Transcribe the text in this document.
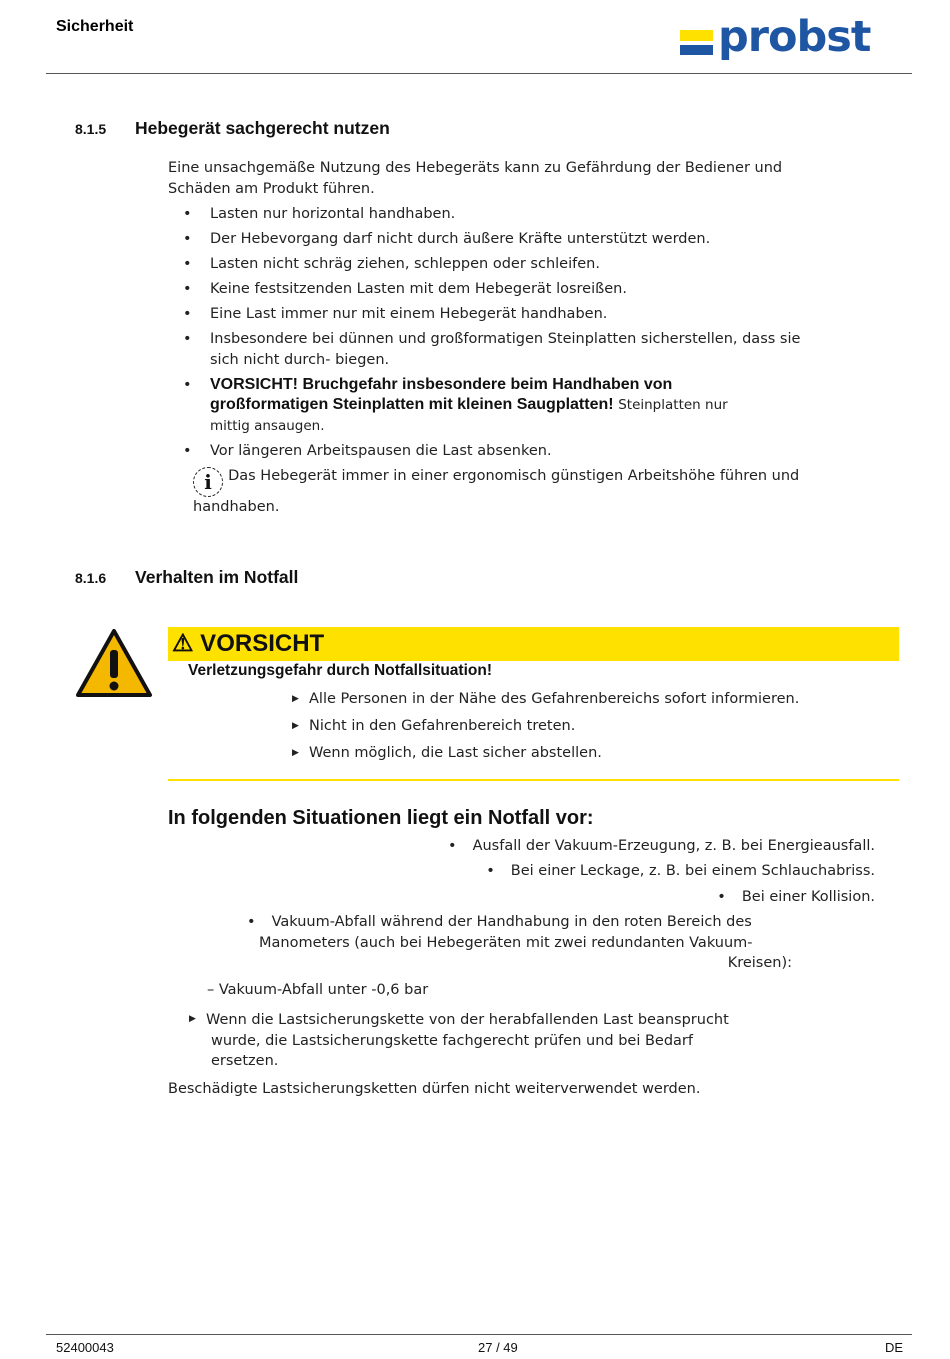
Sicherheit	probst
8.1.5 Hebegerät sachgerecht nutzen
Eine unsachgemäße Nutzung des Hebegeräts kann zu Gefährdung der Bediener und Schäden am Produkt führen.
• Lasten nur horizontal handhaben.
• Der Hebevorgang darf nicht durch äußere Kräfte unterstützt werden.
• Lasten nicht schräg ziehen, schleppen oder schleifen.
• Keine festsitzenden Lasten mit dem Hebegerät losreißen.
• Eine Last immer nur mit einem Hebegerät handhaben.
• Insbesondere bei dünnen und großformatigen Steinplatten sicherstellen, dass sie sich nicht durch- biegen.
• VORSICHT! Bruchgefahr insbesondere beim Handhaben von großformatigen Steinplatten mit kleinen Saugplatten! Steinplatten nur mittig ansaugen.
• Vor längeren Arbeitspausen die Last absenken.
i Das Hebegerät immer in einer ergonomisch günstigen Arbeitshöhe führen und handhaben.
8.1.6 Verhalten im Notfall
⚠ VORSICHT
Verletzungsgefahr durch Notfallsituation!
▶ Alle Personen in der Nähe des Gefahrenbereichs sofort informieren.
▶ Nicht in den Gefahrenbereich treten.
▶ Wenn möglich, die Last sicher abstellen.
In folgenden Situationen liegt ein Notfall vor:
• Ausfall der Vakuum-Erzeugung, z. B. bei Energieausfall.
• Bei einer Leckage, z. B. bei einem Schlauchabriss.
• Bei einer Kollision.
• Vakuum-Abfall während der Handhabung in den roten Bereich des
Manometers (auch bei Hebegeräten mit zwei redundanten Vakuum-
Kreisen):
– Vakuum-Abfall unter -0,6 bar
▶ Wenn die Lastsicherungskette von der herabfallenden Last beansprucht
wurde, die Lastsicherungskette fachgerecht prüfen und bei Bedarf
ersetzen.
Beschädigte Lastsicherungsketten dürfen nicht weiterverwendet werden.
52400043	27 / 49	DE
